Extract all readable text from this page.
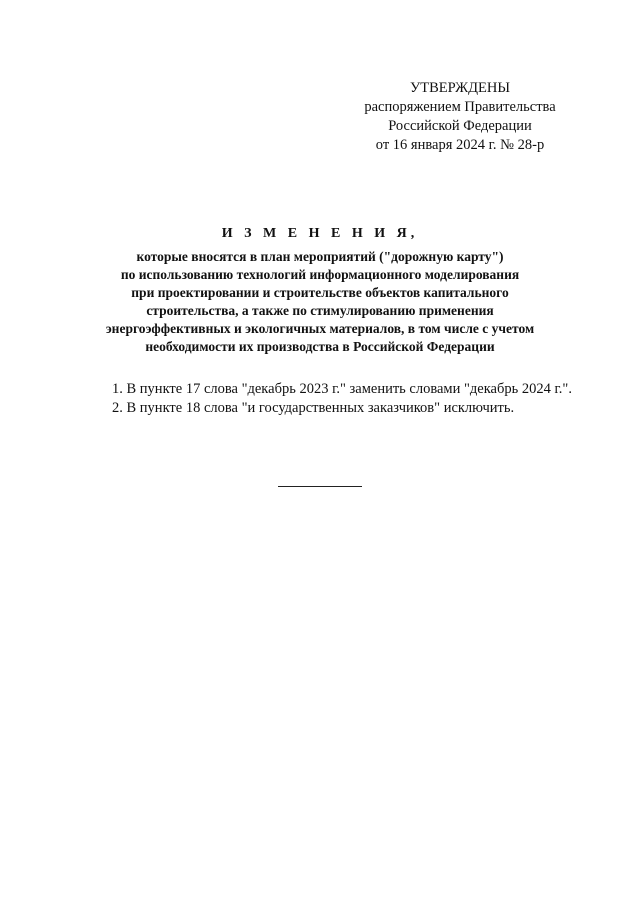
УТВЕРЖДЕНЫ
распоряжением Правительства
Российской Федерации
от 16 января 2024 г. № 28-р
И З М Е Н Е Н И Я,
которые вносятся в план мероприятий ("дорожную карту")
по использованию технологий информационного моделирования
при проектировании и строительстве объектов капитального
строительства, а также по стимулированию применения
энергоэффективных и экологичных материалов, в том числе с учетом
необходимости их производства в Российской Федерации

1. В пункте 17 слова "декабрь 2023 г." заменить словами "декабрь 2024 г.".

2. В пункте 18 слова "и государственных заказчиков" исключить.
